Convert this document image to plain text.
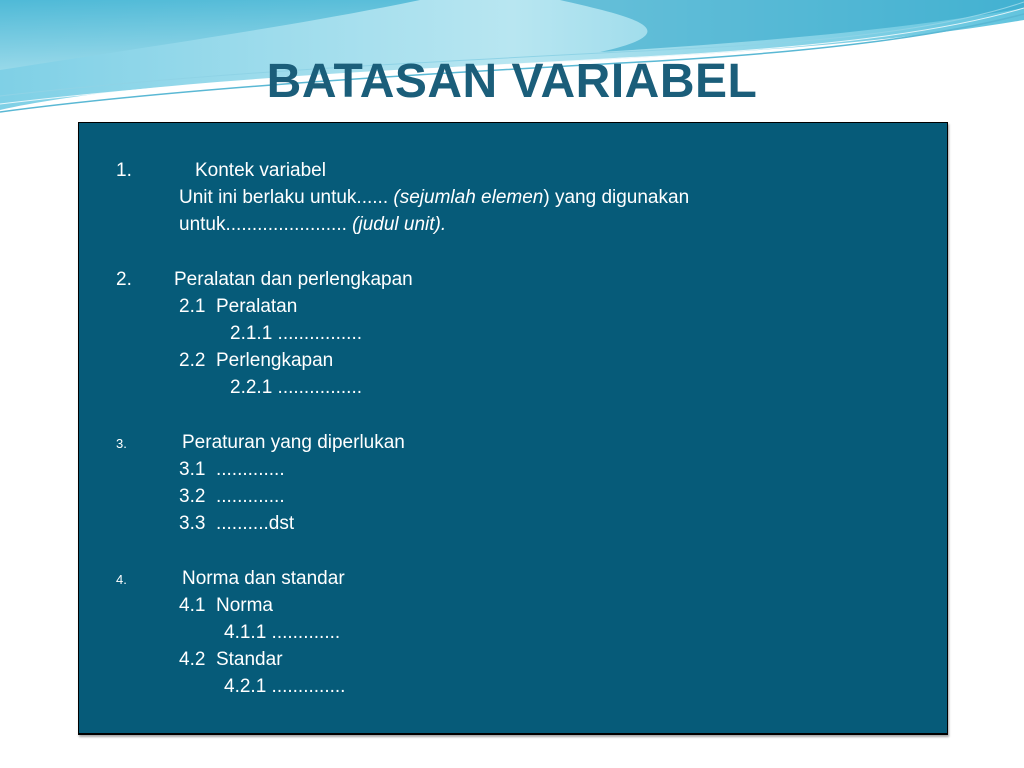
BATASAN VARIABEL
1.	Kontek variabel
Unit ini berlaku untuk...... (sejumlah elemen) yang digunakan
untuk....................... (judul unit).
2. Peralatan dan perlengkapan
2.1  Peralatan
2.1.1 ................
2.2  Perlengkapan
2.2.1 ................
3.	Peraturan yang diperlukan
3.1  .............
3.2  .............
3.3  ..........dst
4.	Norma dan standar
4.1  Norma
4.1.1 .............
4.2  Standar
4.2.1 ..............
